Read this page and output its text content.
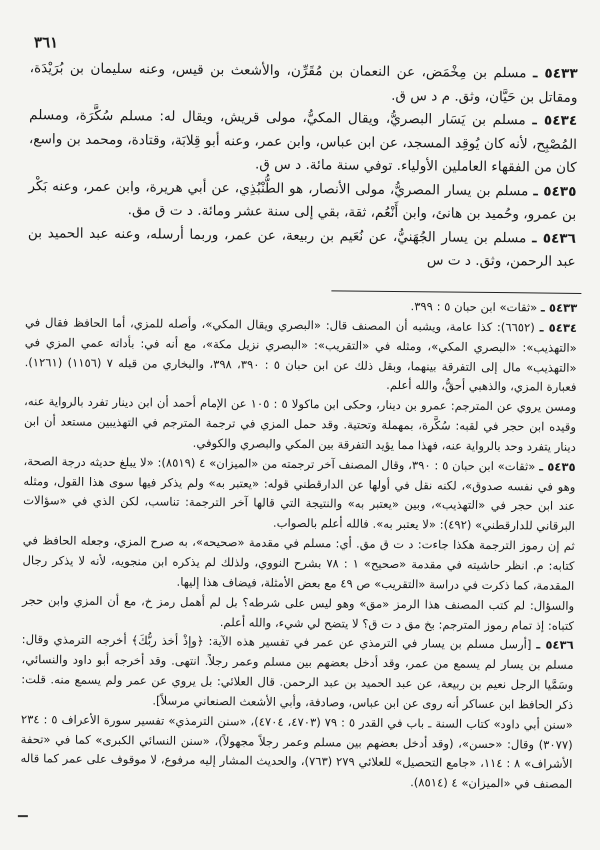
٣٦١

٥٤٣٣ ـ مسلم بن مِخْمَض، عن النعمان بن مُقَرِّن، والأشعث بن قيس، وعنه سليمان بن بُرَيْدَة، ومقاتل بن حَيَّان، وثق. م د س ق.

٥٤٣٤ ـ مسلم بن يَسَار البصريُّ، ويقال المكيُّ، مولى قريش، ويقال له: مسلم سُكَّرَة، ومسلم المُصْبِح، لأنه كان يُوقِد المسجد، عن ابن عباس، وابن عمر، وعنه أبو قِلابَة، وقتادة، ومحمد بن واسع، كان من الفقهاء العاملين الأولياء. توفي سنة مائة. د س ق.

٥٤٣٥ ـ مسلم بن يسار المصريُّ، مولى الأنصار، هو الطُّنْبُذِي، عن أبي هريرة، وابن عمر، وعنه بَكْر بن عمرو، وحُميد بن هانئ، وابن أَنْعُم، ثقة، بقي إلى سنة عشر ومائة. د ت ق مق.

٥٤٣٦ ـ مسلم بن يسار الجُهَنيُّ، عن نُعَيم بن ربيعة، عن عمر، وربما أرسله، وعنه عبد الحميد بن عبد الرحمن، وثق. د ت س

٥٤٣٣ ـ «ثقات» ابن حبان ٥ : ٣٩٩.

٥٤٣٤ ـ (٦٦٥٢): كذا عامة، ويشبه أن المصنف قال: «البصري ويقال المكي»، وأصله للمزي، أما الحافظ فقال في «التهذيب»: «البصري المكي»، ومثله في «التقريب»: «البصري نزيل مكة»، مع أنه في: بأداته عمي المزي في «التهذيب» مال إلى التفرقة بينهما، وبقل ذلك عن ابن حبان ٥ : ٣٩٠، ٣٩٨، والبخاري من قبله ٧ (١١٥٦) (١٢٦١). فعبارة المزي، والذهبي أحقُّ، والله أعلم.

ومسن يروي عن المترجم: عمرو بن دينار، وحكى ابن ماكولا ٥ : ١٠٥ عن الإمام أحمد أن ابن دينار تفرد بالرواية عنه، وقيده ابن حجر في لقبه: سُكَّرة، بمهملة وتحتية. وقد حمل المزي في ترجمة المترجم في التهذيبين مستعد أن ابن دينار يتفرد وحد بالرواية عنه، فهذا مما يؤيد التفرقة بين المكي والبصري والكوفي.

٥٤٣٥ ـ «ثقات» ابن حبان ٥ : ٣٩٠، وقال المصنف آخر ترجمته من «الميزان» ٤ (٨٥١٩): «لا يبلغ حديثه درجة الصحة، وهو في نفسه صدوق»، لكنه نقل في أولها عن الدارقطني قوله: «يعتبر به» ولم يذكر فيها سوى هذا القول، ومثله عند ابن حجر في «التهذيب»، وبين «يعتبر به» والنتيجة التي قالها آخر الترجمة: تناسب، لكن الذي في «سؤالات البرقاني للدارقطني» (٤٩٢): «لا يعتبر به». فالله أعلم بالصواب.

ثم إن رموز الترجمة هكذا جاءت: د ت ق مق. أي: مسلم في مقدمة «صحيحه»، به صرح المزي، وجعله الحافظ في كتابه: م. انظر حاشيته في مقدمة «صحيح» ١ : ٧٨ بشرح النووي، ولذلك لم يذكره ابن منجويه، لأنه لا يذكر رجال المقدمة، كما ذكرت في دراسة «التقريب» ص ٤٩ مع بعض الأمثلة، فيضاف هذا إليها.

والسؤال: لم كتب المصنف هذا الرمز «مق» وهو ليس على شرطه؟ بل لم أهمل رمز خ، مع أن المزي وابن حجر كتباه: إذ تمام رموز المترجم: بخ مق د ت ق؟ لا يتضح لي شيء، والله أعلم.

٥٤٣٦ ـ [أرسل مسلم بن يسار في الترمذي عن عمر في تفسير هذه الآية: ﴿وإذْ أخذ ربُّكَ﴾ أخرجه الترمذي وقال: مسلم بن يسار لم يسمع من عمر، وقد أدخل بعضهم بين مسلم وعمر رجلاً. انتهى. وقد أخرجه أبو داود والنسائي، وسَمَّيا الرجل نعيم بن ربيعة، عن عبد الحميد بن عبد الرحمن. قال العلائي: بل يروي عن عمر ولم يسمع منه. قلت: ذكر الحافظ ابن عساكر أنه روى عن ابن عباس، وصادفة، وأبي الأشعث الصنعاني مرسلاً].

«سنن أبي داود» كتاب السنة ـ باب في القدر ٥ : ٧٩ (٤٧٠٣، ٤٧٠٤)، «سنن الترمذي» تفسير سورة الأعراف ٥ : ٢٣٤ (٣٠٧٧) وقال: «حسن»، (وقد أدخل بعضهم بين مسلم وعمر رجلاً مجهولاً)، «سنن النسائي الكبرى» كما في «تحفة الأشراف» ٨ : ١١٤، «جامع التحصيل» للعلائي ٢٧٩ (٧٦٣)، والحديث المشار إليه مرفوع، لا موقوف على عمر كما قاله المصنف في «الميزان» ٤ (٨٥١٤).
